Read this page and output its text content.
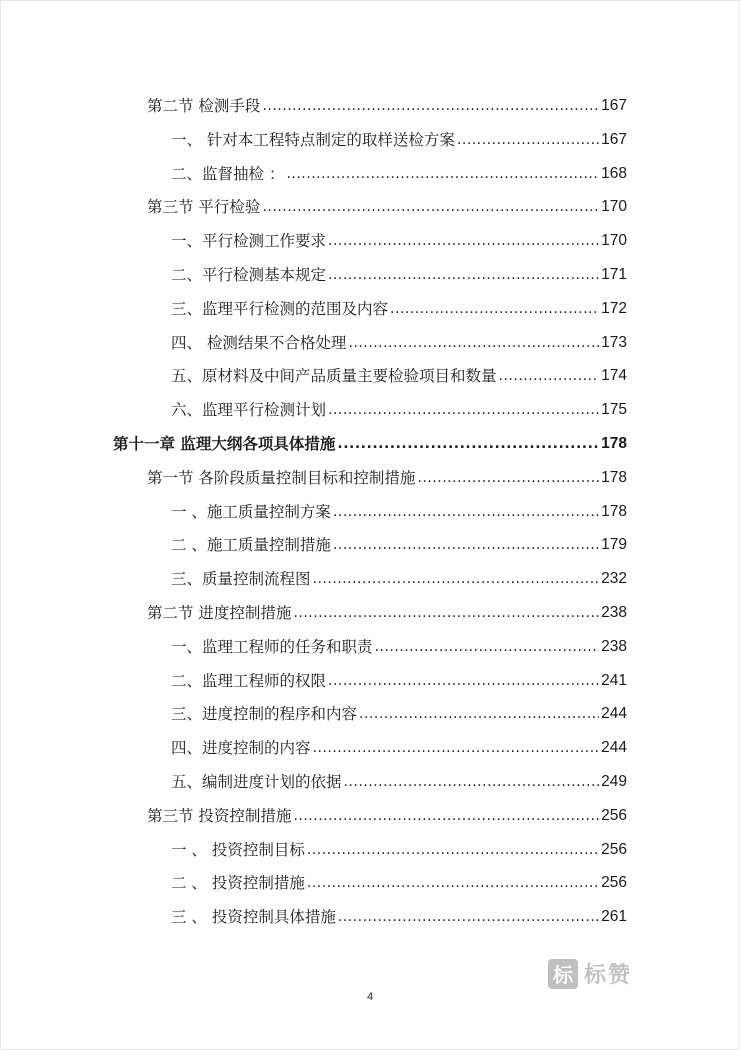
第二节 检测手段 .....	167
一、 针对本工程特点制定的取样送检方案 .....	167
二、监督抽检 ： .....	168
第三节 平行检验 .....	170
一、平行检测工作要求 .....	170
二、平行检测基本规定 .....	171
三、监理平行检测的范围及内容 .....	172
四、 检测结果不合格处理 .....	173
五、原材料及中间产品质量主要检验项目和数量 .....	174
六、监理平行检测计划 .....	175
第十一章 监理大纲各项具体措施 .....	178
第一节 各阶段质量控制目标和控制措施 .....	178
一 、施工质量控制方案 .....	178
二 、施工质量控制措施 .....	179
三、质量控制流程图 .....	232
第二节 进度控制措施 .....	238
一、监理工程师的任务和职责 .....	238
二、监理工程师的权限 .....	241
三、进度控制的程序和内容 .....	244
四、进度控制的内容 .....	244
五、编制进度计划的依据 .....	249
第三节 投资控制措施 .....	256
一 、 投资控制目标 .....	256
二 、 投资控制措施 .....	256
三 、 投资控制具体措施 .....	261
4
标 标赞
